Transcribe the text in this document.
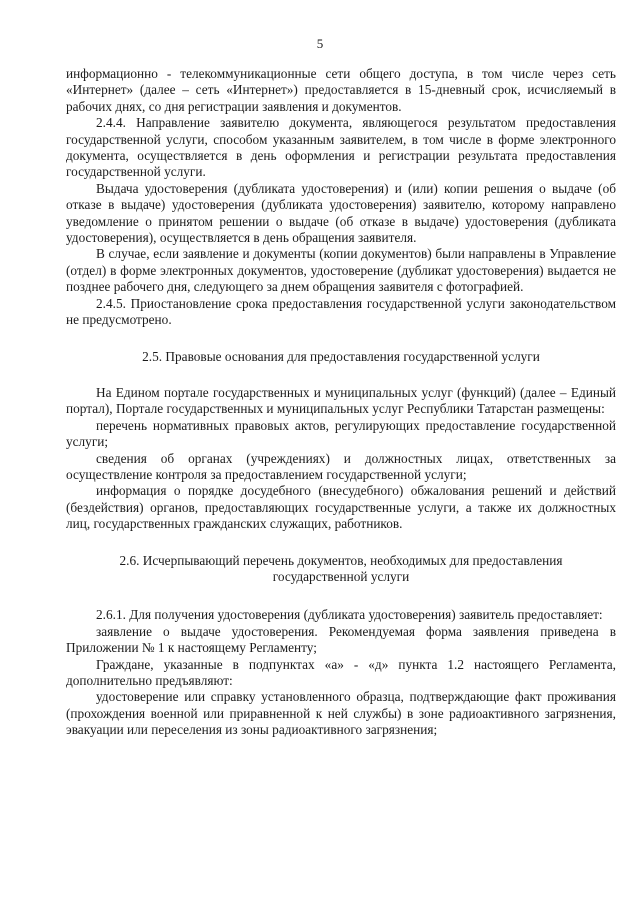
5

информационно - телекоммуникационные сети общего доступа, в том числе через сеть «Интернет» (далее – сеть «Интернет») предоставляется в 15-дневный срок, исчисляемый в рабочих днях, со дня регистрации заявления и документов.

2.4.4. Направление заявителю документа, являющегося результатом предоставления государственной услуги, способом указанным заявителем, в том числе в форме электронного документа, осуществляется в день оформления и регистрации результата предоставления государственной услуги.

Выдача удостоверения (дубликата удостоверения) и (или) копии решения о выдаче (об отказе в выдаче) удостоверения (дубликата удостоверения) заявителю, которому направлено уведомление о принятом решении о выдаче (об отказе в выдаче) удостоверения (дубликата удостоверения), осуществляется в день обращения заявителя.

В случае, если заявление и документы (копии документов) были направлены в Управление (отдел) в форме электронных документов, удостоверение (дубликат удостоверения) выдается не позднее рабочего дня, следующего за днем обращения заявителя с фотографией.

2.4.5. Приостановление срока предоставления государственной услуги законодательством не предусмотрено.

2.5. Правовые основания для предоставления государственной услуги

На Едином портале государственных и муниципальных услуг (функций) (далее – Единый портал), Портале государственных и муниципальных услуг Республики Татарстан размещены:

перечень нормативных правовых актов, регулирующих предоставление государственной услуги;

сведения об органах (учреждениях) и должностных лицах, ответственных за осуществление контроля за предоставлением государственной услуги;

информация о порядке досудебного (внесудебного) обжалования решений и действий (бездействия) органов, предоставляющих государственные услуги, а также их должностных лиц, государственных гражданских служащих, работников.

2.6. Исчерпывающий перечень документов, необходимых для предоставления
государственной услуги

2.6.1. Для получения удостоверения (дубликата удостоверения) заявитель предоставляет:

заявление о выдаче удостоверения. Рекомендуемая форма заявления приведена в Приложении № 1 к настоящему Регламенту;

Граждане, указанные в подпунктах «а» - «д» пункта 1.2 настоящего Регламента, дополнительно предъявляют:

удостоверение или справку установленного образца, подтверждающие факт проживания (прохождения военной или приравненной к ней службы) в зоне радиоактивного загрязнения, эвакуации или переселения из зоны радиоактивного загрязнения;
